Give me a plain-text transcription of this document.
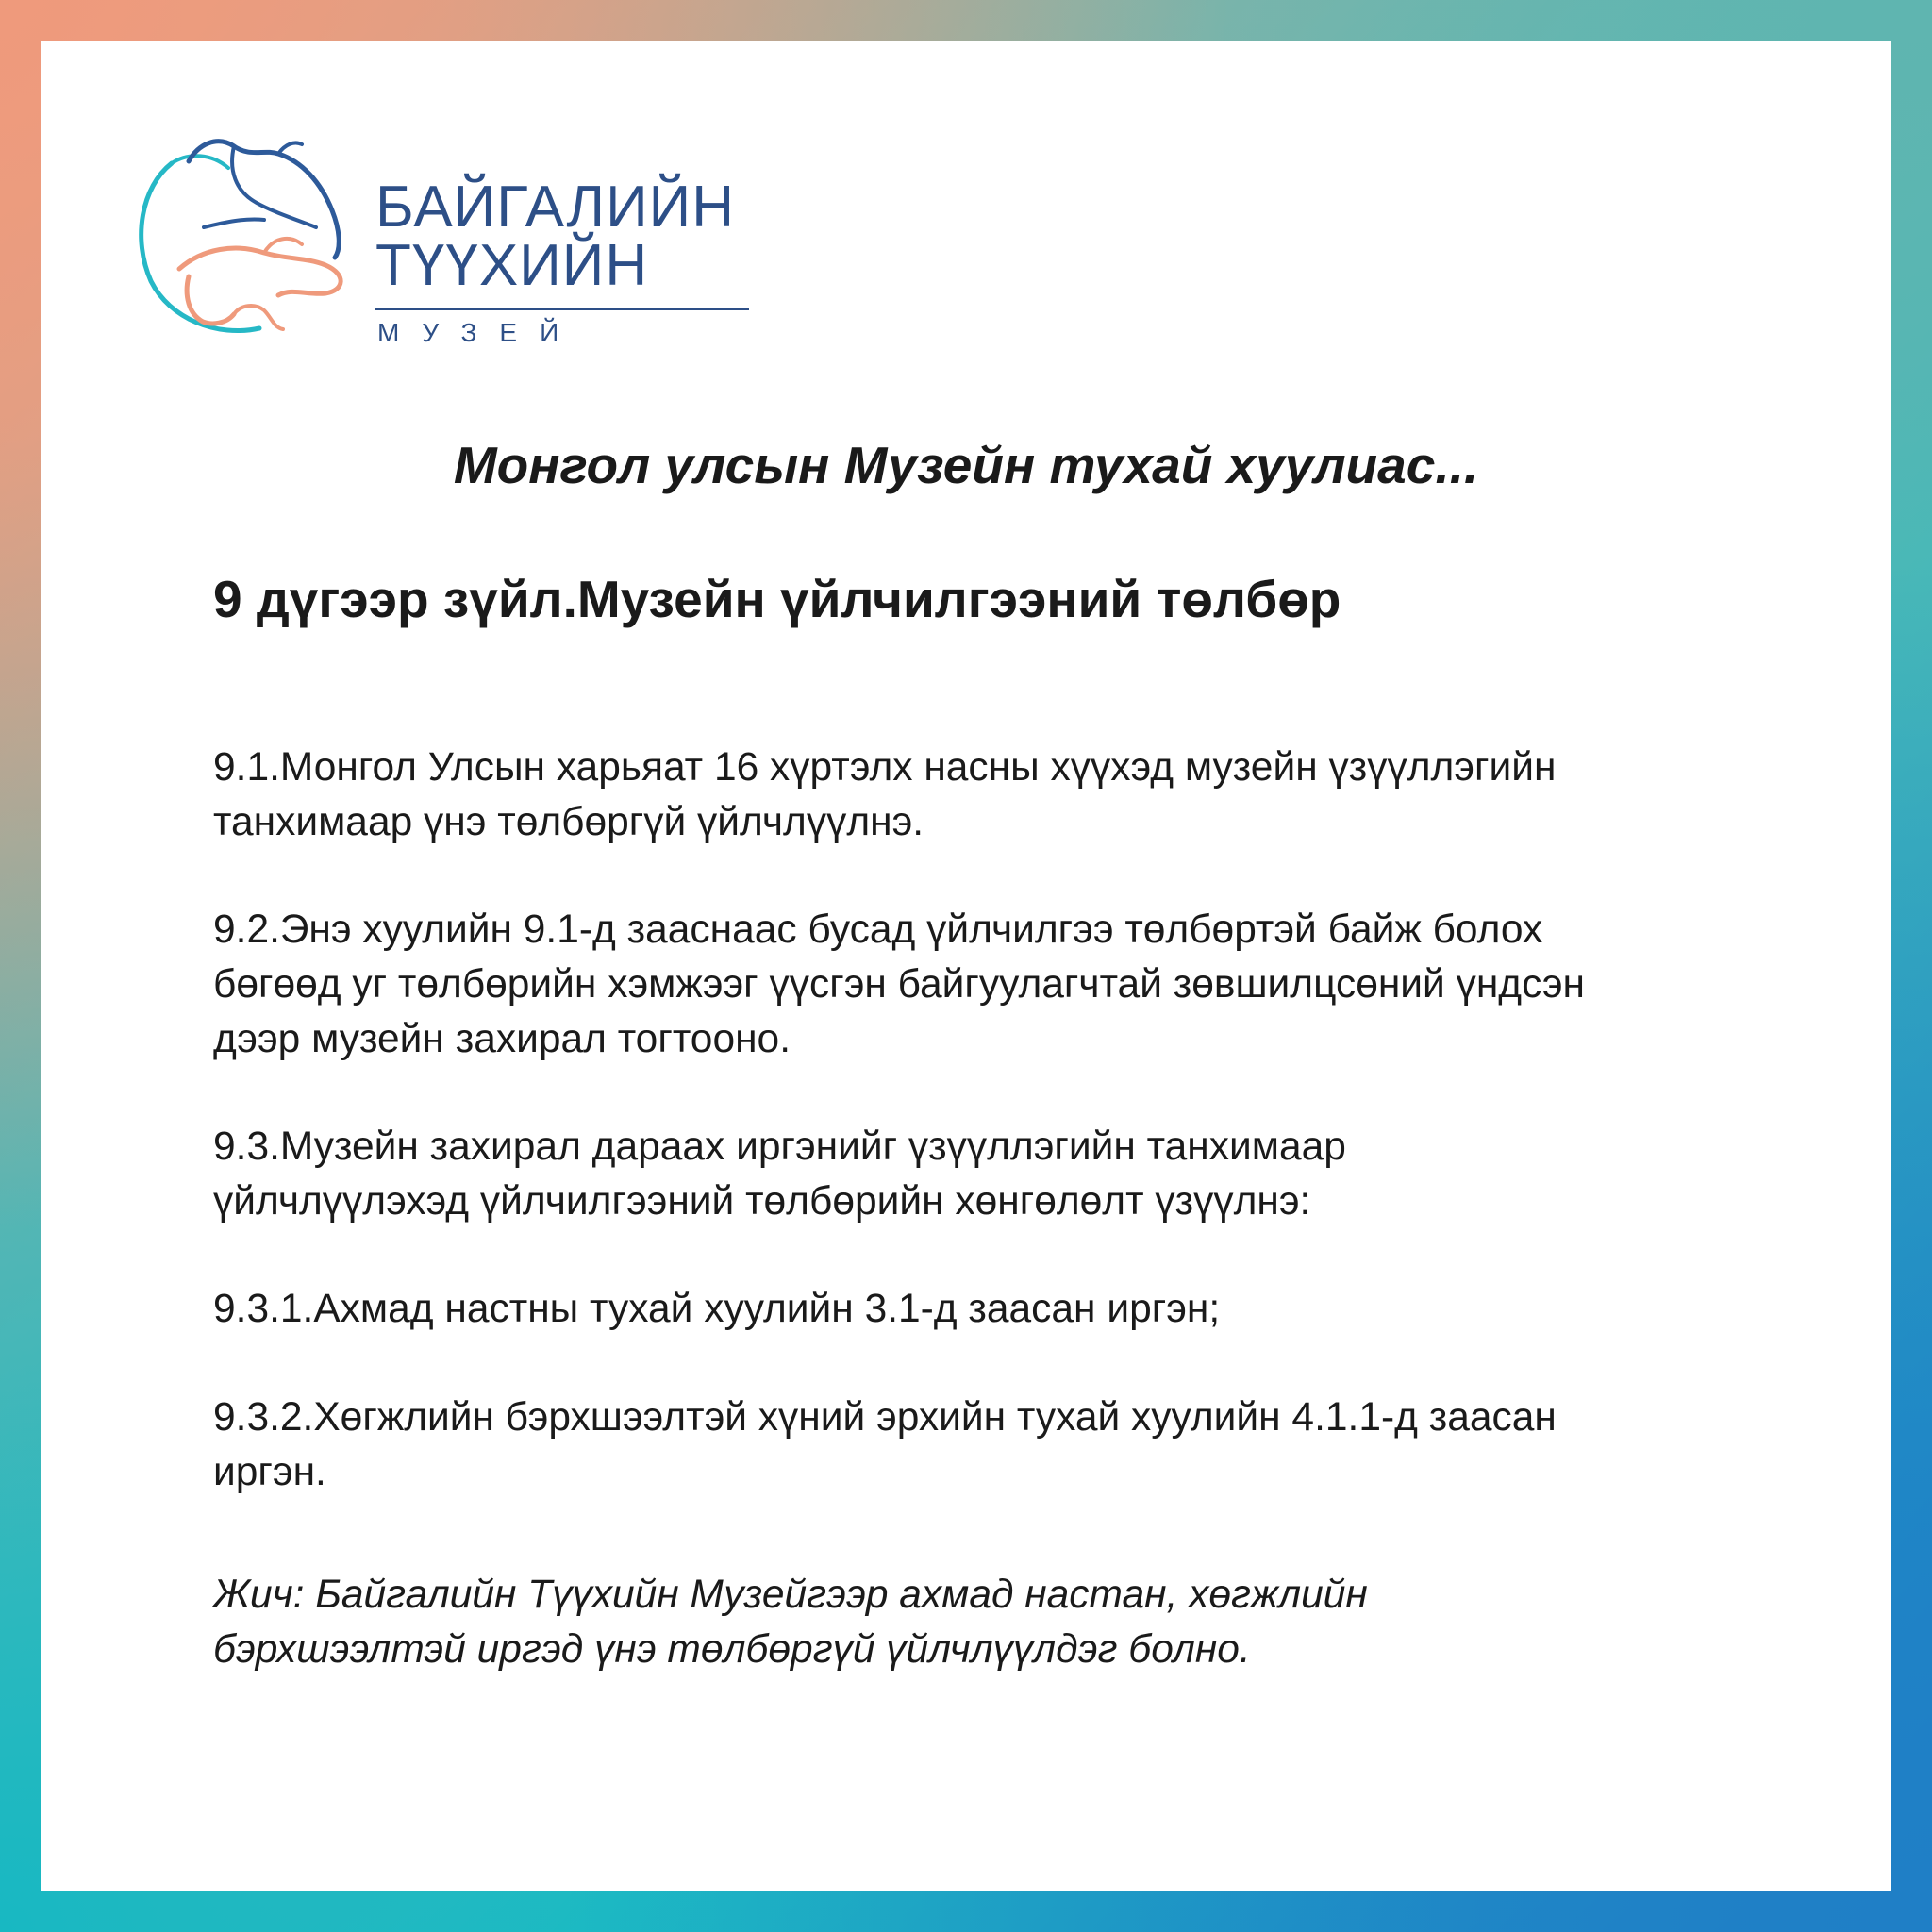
БАЙГАЛИЙН
ТҮҮХИЙН
МУЗЕЙ
Монгол улсын Музейн тухай хуулиас...
9 дүгээр зүйл.Музейн үйлчилгээний төлбөр
9.1.Монгол Улсын харьяат 16 хүртэлх насны хүүхэд музейн үзүүллэгийн
танхимаар үнэ төлбөргүй үйлчлүүлнэ.
9.2.Энэ хуулийн 9.1-д зааснаас бусад үйлчилгээ төлбөртэй байж болох
бөгөөд уг төлбөрийн хэмжээг үүсгэн байгуулагчтай зөвшилцсөний үндсэн
дээр музейн захирал тогтооно.
9.3.Музейн захирал дараах иргэнийг үзүүллэгийн танхимаар
үйлчлүүлэхэд үйлчилгээний төлбөрийн хөнгөлөлт үзүүлнэ:
9.3.1.Ахмад настны тухай хуулийн 3.1-д заасан иргэн;
9.3.2.Хөгжлийн бэрхшээлтэй хүний эрхийн тухай хуулийн 4.1.1-д заасан
иргэн.
Жич: Байгалийн Түүхийн Музейгээр ахмад настан, хөгжлийн
бэрхшээлтэй иргэд үнэ төлбөргүй үйлчлүүлдэг болно.
